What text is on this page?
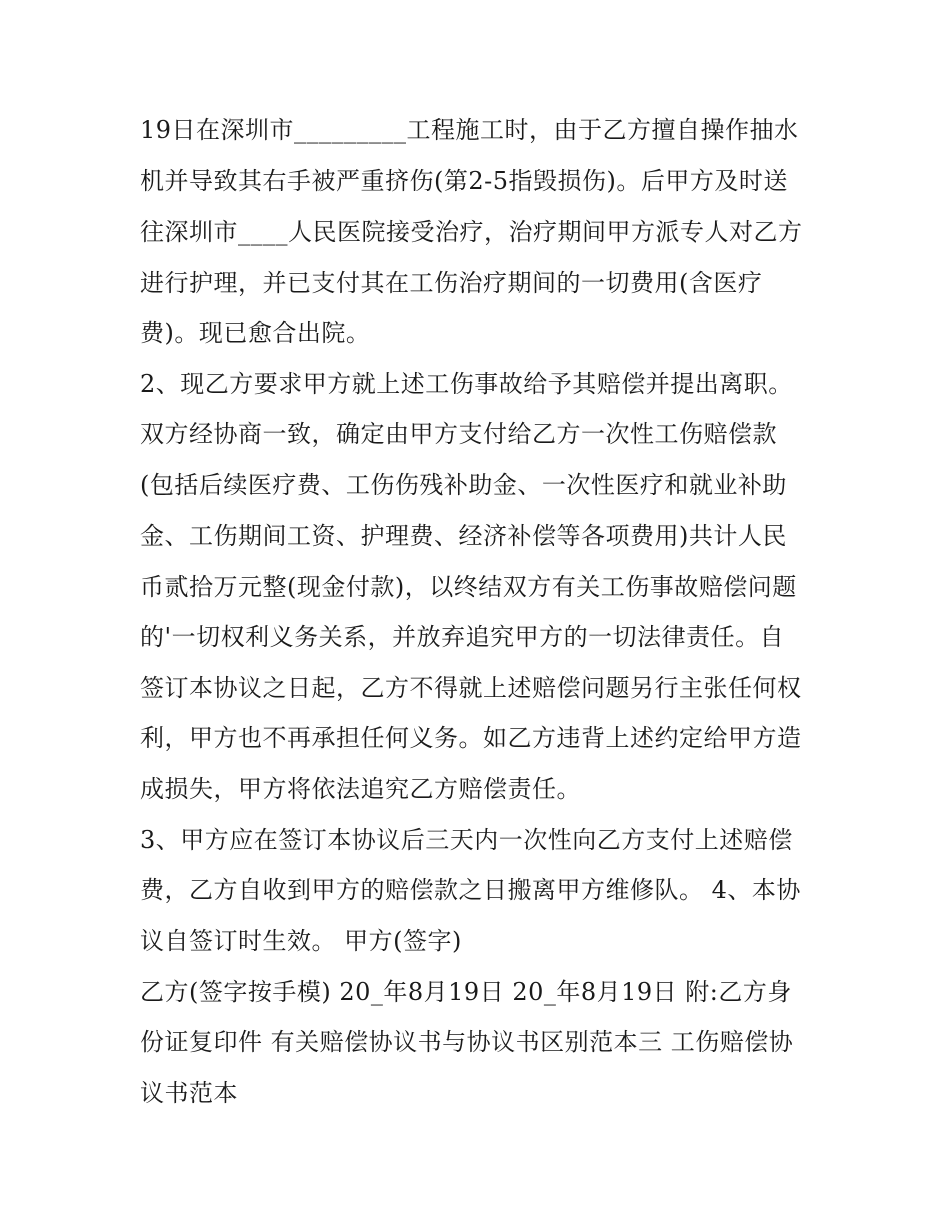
19日在深圳市_________工程施工时，由于乙方擅自操作抽水
机并导致其右手被严重挤伤(第2-5指毁损伤)。后甲方及时送
往深圳市____人民医院接受治疗，治疗期间甲方派专人对乙方
进行护理，并已支付其在工伤治疗期间的一切费用(含医疗
费)。现已愈合出院。
2、现乙方要求甲方就上述工伤事故给予其赔偿并提出离职。
双方经协商一致，确定由甲方支付给乙方一次性工伤赔偿款
(包括后续医疗费、工伤伤残补助金、一次性医疗和就业补助
金、工伤期间工资、护理费、经济补偿等各项费用)共计人民
币贰拾万元整(现金付款)，以终结双方有关工伤事故赔偿问题
的'一切权利义务关系，并放弃追究甲方的一切法律责任。自
签订本协议之日起，乙方不得就上述赔偿问题另行主张任何权
利，甲方也不再承担任何义务。如乙方违背上述约定给甲方造
成损失，甲方将依法追究乙方赔偿责任。
3、甲方应在签订本协议后三天内一次性向乙方支付上述赔偿
费，乙方自收到甲方的赔偿款之日搬离甲方维修队。 4、本协
议自签订时生效。 甲方(签字)
乙方(签字按手模) 20_年8月19日 20_年8月19日 附:乙方身
份证复印件 有关赔偿协议书与协议书区别范本三 工伤赔偿协
议书范本
